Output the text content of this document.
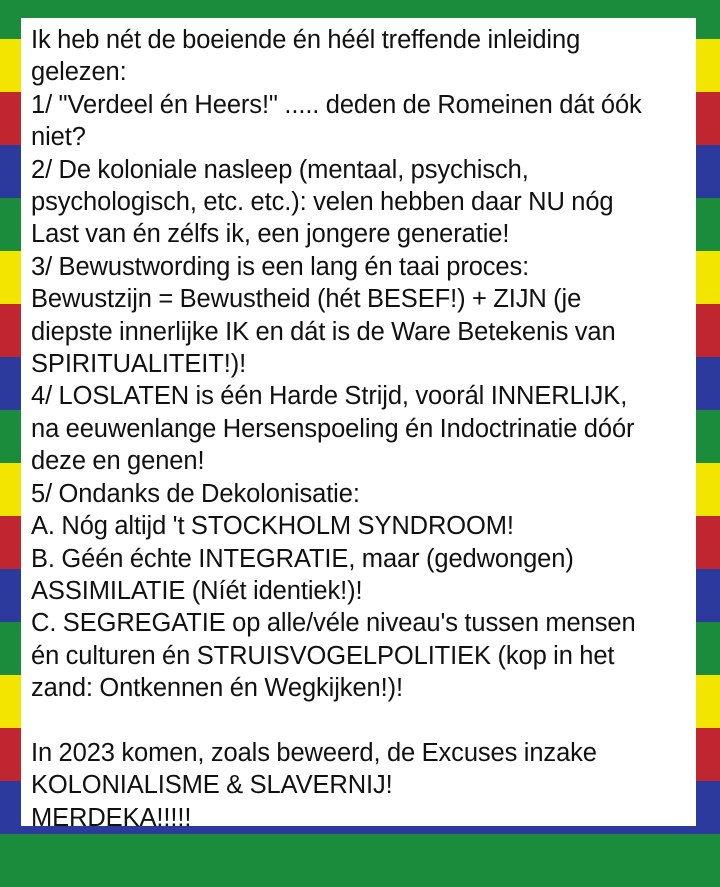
Ik heb nét de boeiende én héél treffende inleiding
gelezen:
1/ "Verdeel én Heers!" ..... deden de Romeinen dát óók
niet?
2/ De koloniale nasleep (mentaal, psychisch,
psychologisch, etc. etc.): velen hebben daar NU nóg
Last van én zélfs ik, een jongere generatie!
3/ Bewustwording is een lang én taai proces:
Bewustzijn = Bewustheid (hét BESEF!) + ZIJN (je
diepste innerlijke IK en dát is de Ware Betekenis van
SPIRITUALITEIT!)!
4/ LOSLATEN is één Harde Strijd, voorál INNERLIJK,
na eeuwenlange Hersenspoeling én Indoctrinatie dóór
deze en genen!
5/ Ondanks de Dekolonisatie:
A. Nóg altijd 't STOCKHOLM SYNDROOM!
B. Géén échte INTEGRATIE, maar (gedwongen)
ASSIMILATIE (Níét identiek!)!
C. SEGREGATIE op alle/véle niveau's tussen mensen
én culturen én STRUISVOGELPOLITIEK (kop in het
zand: Ontkennen én Wegkijken!)!

In 2023 komen, zoals beweerd, de Excuses inzake
KOLONIALISME & SLAVERNIJ!
MERDEKA!!!!!
